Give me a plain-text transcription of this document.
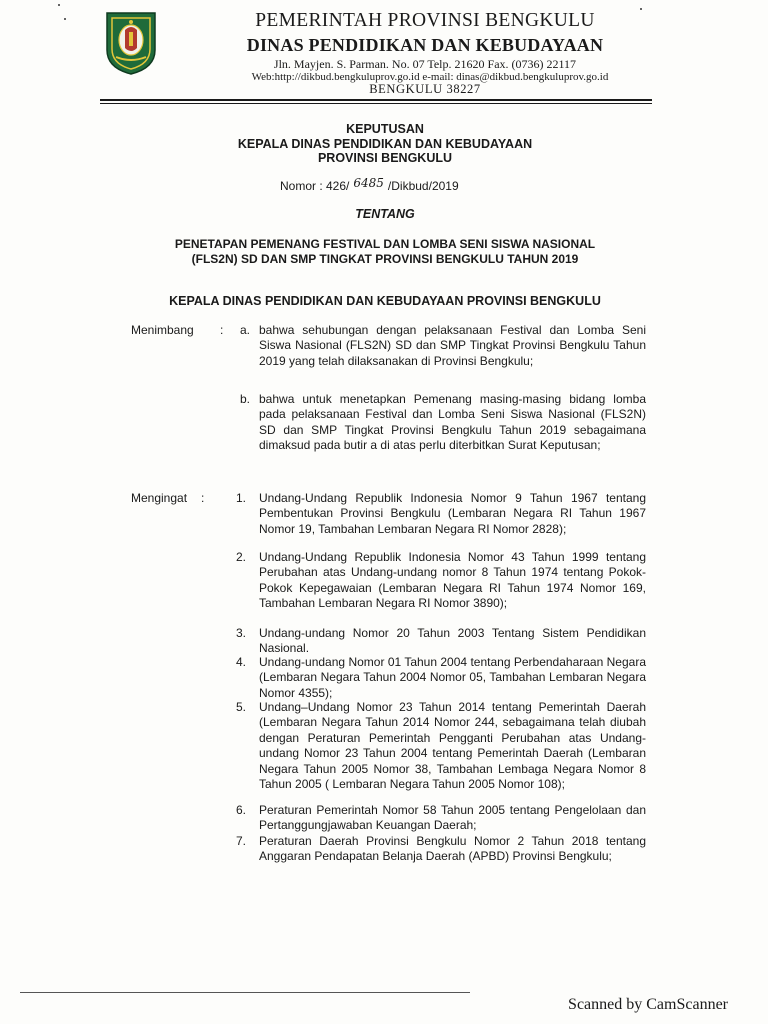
PEMERINTAH PROVINSI BENGKULU
DINAS PENDIDIKAN DAN KEBUDAYAAN
Jln. Mayjen. S. Parman. No. 07 Telp. 21620 Fax. (0736) 22117
Web:http://dikbud.bengkuluprov.go.id e-mail: dinas@dikbud.bengkuluprov.go.id
BENGKULU 38227
KEPUTUSAN
KEPALA DINAS PENDIDIKAN DAN KEBUDAYAAN
PROVINSI BENGKULU
Nomor : 426/ 6485 /Dikbud/2019
TENTANG
PENETAPAN PEMENANG FESTIVAL DAN LOMBA SENI SISWA NASIONAL
(FLS2N) SD DAN SMP TINGKAT PROVINSI BENGKULU TAHUN 2019
KEPALA DINAS PENDIDIKAN DAN KEBUDAYAAN PROVINSI BENGKULU
Menimbang : a. bahwa sehubungan dengan pelaksanaan Festival dan Lomba Seni Siswa Nasional (FLS2N) SD dan SMP Tingkat Provinsi Bengkulu Tahun 2019 yang telah dilaksanakan di Provinsi Bengkulu;
b. bahwa untuk menetapkan Pemenang masing-masing bidang lomba pada pelaksanaan Festival dan Lomba Seni Siswa Nasional (FLS2N) SD dan SMP Tingkat Provinsi Bengkulu Tahun 2019 sebagaimana dimaksud pada butir a di atas perlu diterbitkan Surat Keputusan;
Mengingat :	1. Undang-Undang Republik Indonesia Nomor 9 Tahun 1967 tentang Pembentukan Provinsi Bengkulu (Lembaran Negara RI Tahun 1967 Nomor 19, Tambahan Lembaran Negara RI Nomor 2828);
2. Undang-Undang Republik Indonesia Nomor 43 Tahun 1999 tentang Perubahan atas Undang-undang nomor 8 Tahun 1974 tentang Pokok-Pokok Kepegawaian (Lembaran Negara RI Tahun 1974 Nomor 169, Tambahan Lembaran Negara RI Nomor 3890);
3. Undang-undang Nomor 20 Tahun 2003 Tentang Sistem Pendidikan Nasional.
4. Undang-undang Nomor 01 Tahun 2004 tentang Perbendaharaan Negara (Lembaran Negara Tahun 2004 Nomor 05, Tambahan Lembaran Negara Nomor 4355);
5. Undang–Undang Nomor 23 Tahun 2014 tentang Pemerintah Daerah (Lembaran Negara Tahun 2014 Nomor 244, sebagaimana telah diubah dengan Peraturan Pemerintah Pengganti Perubahan atas Undang-undang Nomor 23 Tahun 2004 tentang Pemerintah Daerah (Lembaran Negara Tahun 2005 Nomor 38, Tambahan Lembaga Negara Nomor 8 Tahun 2005 ( Lembaran Negara Tahun 2005 Nomor 108);
6. Peraturan Pemerintah Nomor 58 Tahun 2005 tentang Pengelolaan dan Pertanggungjawaban Keuangan Daerah;
7. Peraturan Daerah Provinsi Bengkulu Nomor 2 Tahun 2018 tentang Anggaran Pendapatan Belanja Daerah (APBD) Provinsi Bengkulu;
Scanned by CamScanner
